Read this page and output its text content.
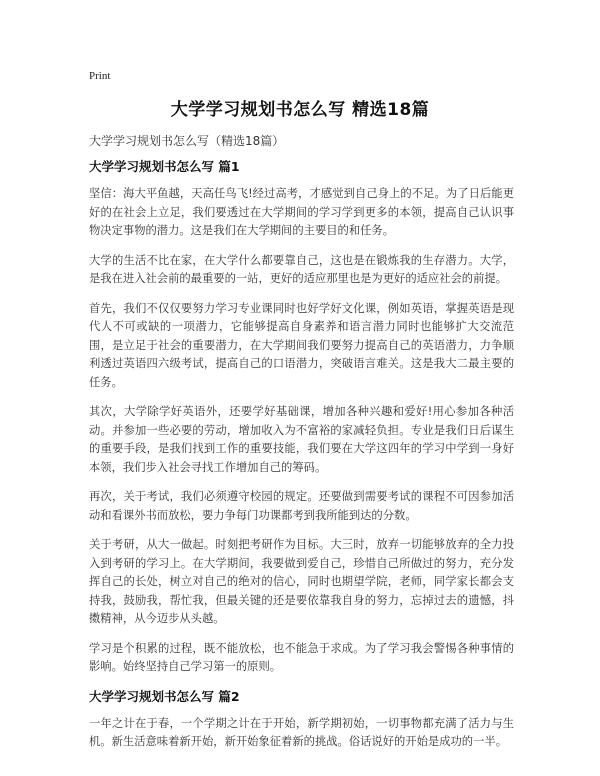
Print
大学学习规划书怎么写 精选18篇
大学学习规划书怎么写（精选18篇）
大学学习规划书怎么写 篇1

坚信：海大平鱼越，天高任鸟飞!经过高考，才感觉到自己身上的不足。为了日后能更好的在社会上立足，我们要透过在大学期间的学习学到更多的本领，提高自己认识事物决定事物的潜力。这是我们在大学期间的主要目的和任务。

大学的生活不比在家，在大学什么都要靠自己，这也是在锻炼我的生存潜力。大学，是我在进入社会前的最重要的一站，更好的适应那里也是为更好的适应社会的前提。

首先，我们不仅仅要努力学习专业课同时也好学好文化课，例如英语，掌握英语是现代人不可或缺的一项潜力，它能够提高自身素养和语言潜力同时也能够扩大交流范围，是立足于社会的重要潜力，在大学期间我们要努力提高自己的英语潜力，力争顺利透过英语四六级考试，提高自己的口语潜力，突破语言难关。这是我大二最主要的任务。

其次，大学除学好英语外，还要学好基础课，增加各种兴趣和爱好!用心参加各种活动。并参加一些必要的劳动，增加收入为不富裕的家减轻负担。专业是我们日后谋生的重要手段，是我们找到工作的重要技能，我们要在大学这四年的学习中学到一身好本领，我们步入社会寻找工作增加自己的筹码。

再次，关于考试，我们必须遵守校园的规定。还要做到需要考试的课程不可因参加活动和看课外书而放松，要力争每门功课都考到我所能到达的分数。

关于考研，从大一做起。时刻把考研作为目标。大三时，放弃一切能够放弃的全力投入到考研的学习上。在大学期间，我要做到爱自己，珍惜自己所做过的努力，充分发挥自己的长处，树立对自己的绝对的信心，同时也期望学院，老师，同学家长都会支持我，鼓励我，帮忙我，但最关键的还是要依靠我自身的努力，忘掉过去的遗憾，抖擞精神，从今迈步从头越。

学习是个积累的过程，既不能放松，也不能急于求成。为了学习我会警惕各种事情的影响。始终坚持自己学习第一的原则。

大学学习规划书怎么写 篇2

一年之计在于春，一个学期之计在于开始，新学期初始，一切事物都充满了活力与生机。新生活意味着新开始，新开始象征着新的挑战。俗话说好的开始是成功的一半。
